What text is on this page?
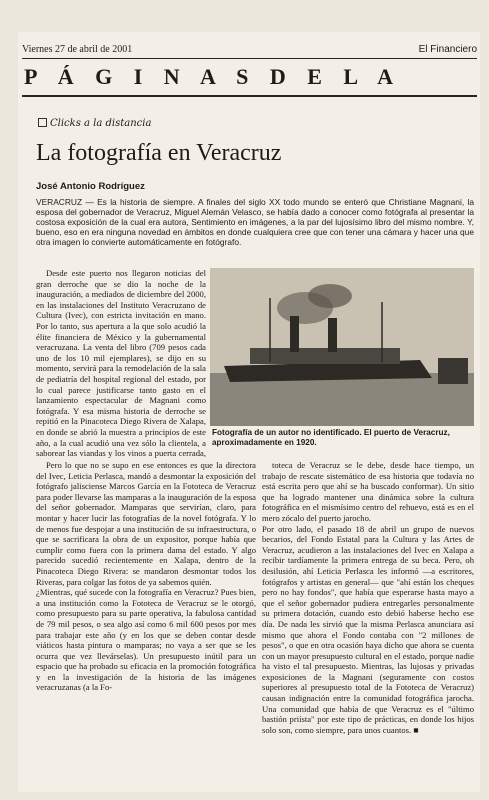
Viernes 27 de abril de 2001	El Financiero
P Á G I N A S D E L A
Clicks a la distancia
La fotografía en Veracruz
José Antonio Rodríguez
VERACRUZ — Es la historia de siempre. A finales del siglo XX todo mundo se enteró que Christiane Magnani, la esposa del gobernador de Veracruz, Miguel Alemán Velasco, se había dado a conocer como fotógrafa al presentar la costosa exposición de la cual era autora, Sentimiento en imágenes, a la par del lujosísimo libro del mismo nombre. Y, bueno, eso en era ninguna novedad en ámbitos en donde cualquiera cree que con tener una cámara y hacer una que otra imagen lo convierte automáticamente en fotógrafo.

Desde este puerto nos llegaron noticias del gran derroche que se dio la noche de la inauguración, a mediados de diciembre del 2000, en las instalaciones del Instituto Veracruzano de Cultura (Ivec), con estricta invitación en mano. Por lo tanto, sus apertura a la que solo acudió la élite financiera de México y la gubernamental veracruzana. La venta del libro (709 pesos cada uno de los 10 mil ejemplares), se dijo en su momento, servirá para la remodelación de la sala de pediatría del hospital regional del estado, por lo cual parece justificarse tanto gasto en el lanzamiento espectacular de Magnani como fotógrafa. Y esa misma historia de derroche se repitió en la Pinacoteca Diego Rivera de Xalapa, en donde se abrió la muestra a principios de este año, a la cual acudió una vez sólo la clientela, a saborear las viandas y los vinos a puerta cerrada,

Fotografía de un autor no identificado. El puerto de Veracruz, aproximadamente en 1920.

Pero lo que no se supo en ese entonces es que la directora del Ivec, Leticia Perlasca, mandó a desmontar la exposición del fotógrafo jalisciense Marcos García en la Fototeca de Veracruz para poder llevarse las mamparas a la inauguración de la esposa del señor gobernador. Mamparas que servirían, claro, para montar y hacer lucir las fotografías de la novel fotógrafa. Y lo de menos fue despojar a una institución de su infraestructura, o que se sacrificara la obra de un expositor, porque había que cumplir como fuera con la primera dama del estado. Y algo parecido sucedió recientemente en Xalapa, dentro de la Pinacoteca Diego Rivera: se mandaron desmontar todos los Riveras, para colgar las fotos de ya sabemos quién.
¿Mientras, qué sucede con la fotografía en Veracruz? Pues bien, a una institución como la Fototeca de Veracruz se le otorgó, como presupuesto para su parte operativa, la fabulosa cantidad de 79 mil pesos, o sea algo así como 6 mil 600 pesos por mes para trabajar este año (y en los que se deben contar desde viáticos hasta pintura o mamparas; no vaya a ser que se les ocurra que vez llevárselas). Un presupuesto inútil para un espacio que ha probado su eficacia en la promoción fotográfica y en la investigación de la historia de las imágenes veracruzanas (a la Fo-

toteca de Veracruz se le debe, desde hace tiempo, un trabajo de rescate sistemático de esa historia que todavía no está escrita pero que ahí se ha buscado conformar). Un sitio que ha logrado mantener una dinámica sobre la cultura fotográfica en el mismísimo centro del rehuevo, está es en el mero zócalo del puerto jarocho.
Por otro lado, el pasado 18 de abril un grupo de nuevos becarios, del Fondo Estatal para la Cultura y las Artes de Veracruz, acudieron a las instalaciones del Ivec en Xalapa a recibir tardíamente la primera entrega de su beca. Pero, oh desilusión, ahí Leticia Perlasca les informó —a escritores, fotógrafos y artistas en general— que "ahí están los cheques pero no hay fondos", que había que esperarse hasta mayo a que el señor gobernador pudiera entregarles personalmente su primera dotación, cuando esto debió haberse hecho ese día. De nada les sirvió que la misma Perlasca anunciara así mismo que ahora el Fondo contaba con "2 millones de pesos", o que en otra ocasión haya dicho que ahora se cuenta con un mayor presupuesto cultural en el estado, porque nadie ha visto el tal presupuesto. Mientras, las lujosas y privadas exposiciones de la Magnani (seguramente con costos superiores al presupuesto total de la Fototeca de Veracruz) causan indignación entre la comunidad fotográfica jarocha. Una comunidad que había de que Veracruz es el "último bastión priísta" por este tipo de prácticas, en donde los hijos solo son, como siempre, para unos cuantos. ■
